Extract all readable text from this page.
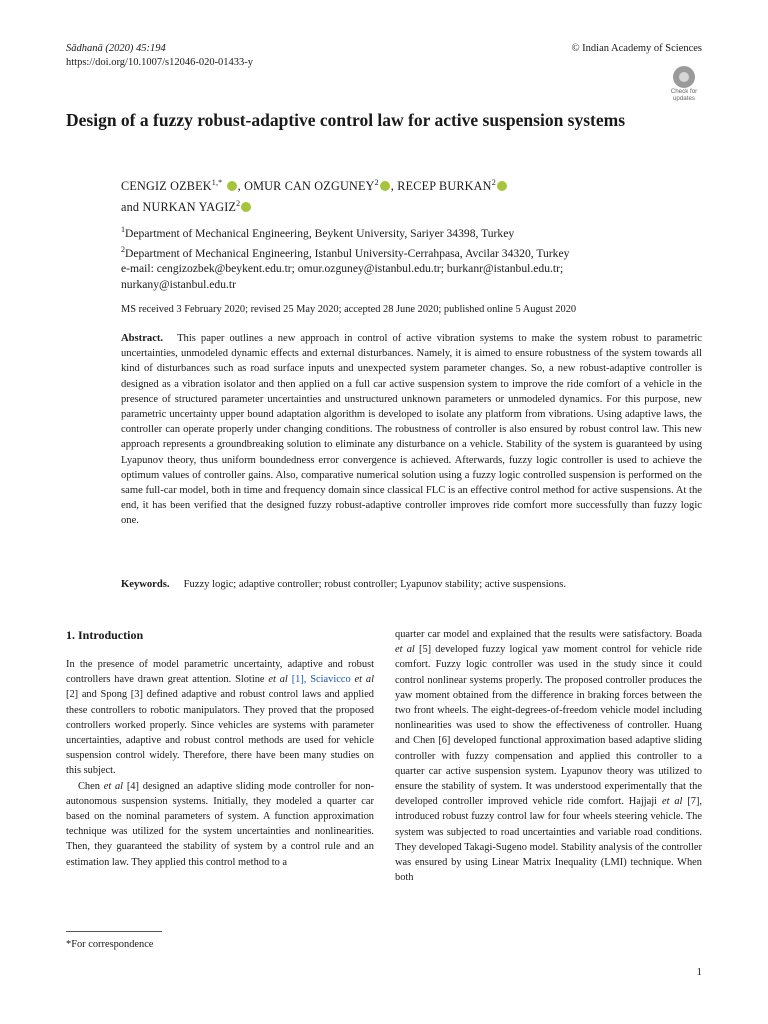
Sādhanā (2020) 45:194
https://doi.org/10.1007/s12046-020-01433-y
© Indian Academy of Sciences
Check for updates
Design of a fuzzy robust-adaptive control law for active suspension systems
CENGIZ $OZBEK^{1,*}$ , OMUR CAN OZGUNEY$^2$ , RECEP BURKAN$^2$
and NURKAN YAGIZ$^2$
$^1$Department of Mechanical Engineering, Beykent University, Sariyer 34398, Turkey
$^2$Department of Mechanical Engineering, Istanbul University-Cerrahpasa, Avcilar 34320, Turkey
e-mail: cengizozbek@beykent.edu.tr; omur.ozguney@istanbul.edu.tr; burkanr@istanbul.edu.tr;
nurkany@istanbul.edu.tr
MS received 3 February 2020; revised 25 May 2020; accepted 28 June 2020; published online 5 August 2020
Abstract. This paper outlines a new approach in control of active vibration systems to make the system robust to parametric uncertainties, unmodeled dynamic effects and external disturbances. Namely, it is aimed to ensure robustness of the system towards all kind of disturbances such as road surface inputs and unexpected system parameter changes. So, a new robust-adaptive controller is designed as a vibration isolator and then applied on a full car active suspension system to improve the ride comfort of a vehicle in the presence of structured parameter uncertainties and unstructured unknown parameters or unmodeled dynamics. For this purpose, new parametric uncertainty upper bound adaptation algorithm is developed to isolate any platform from vibrations. Using adaptive laws, the controller can operate properly under changing conditions. The robustness of controller is also ensured by robust control law. This new approach represents a groundbreaking solution to eliminate any disturbance on a vehicle. Stability of the system is guaranteed by using Lyapunov theory, thus uniform boundedness error convergence is achieved. Afterwards, fuzzy logic controller is used to achieve the optimum values of controller gains. Also, comparative numerical solution using a fuzzy logic controlled suspension is performed on the same full-car model, both in time and frequency domain since classical FLC is an effective control method for active suspensions. At the end, it has been verified that the designed fuzzy robust-adaptive controller improves ride comfort more successfully than fuzzy logic one.
Keywords. Fuzzy logic; adaptive controller; robust controller; Lyapunov stability; active suspensions.
1. Introduction

In the presence of model parametric uncertainty, adaptive and robust controllers have drawn great attention. Slotine et al [1], Sciavicco et al [2] and Spong [3] defined adaptive and robust control laws and applied these controllers to robotic manipulators. They proved that the proposed controllers worked properly. Since vehicles are systems with parameter uncertainties, adaptive and robust control methods are used for vehicle suspension control widely. Therefore, there have been many studies on this subject.

Chen et al [4] designed an adaptive sliding mode controller for non-autonomous suspension systems. Initially, they modeled a quarter car based on the nominal parameters of system. A function approximation technique was utilized for the system uncertainties and nonlinearities. Then, they guaranteed the stability of system by a control rule and an estimation law. They applied this control method to a

quarter car model and explained that the results were satisfactory. Boada et al [5] developed fuzzy logical yaw moment control for vehicle ride comfort. Fuzzy logic controller was used in the study since it could control nonlinear systems properly. The proposed controller produces the yaw moment obtained from the difference in braking forces between the two front wheels. The eight-degrees-of-freedom vehicle model including nonlinearities was used to show the effectiveness of controller. Huang and Chen [6] developed functional approximation based adaptive sliding controller with fuzzy compensation and applied this controller to a quarter car active suspension system. Lyapunov theory was utilized to ensure the stability of system. It was understood experimentally that the developed controller improved vehicle ride comfort. Hajjaji et al [7], introduced robust fuzzy control law for four wheels steering vehicle. The system was subjected to road uncertainties and variable road conditions. They developed Takagi-Sugeno model. Stability analysis of the controller was ensured by using Linear Matrix Inequality (LMI) technique. When both

*For correspondence
1
